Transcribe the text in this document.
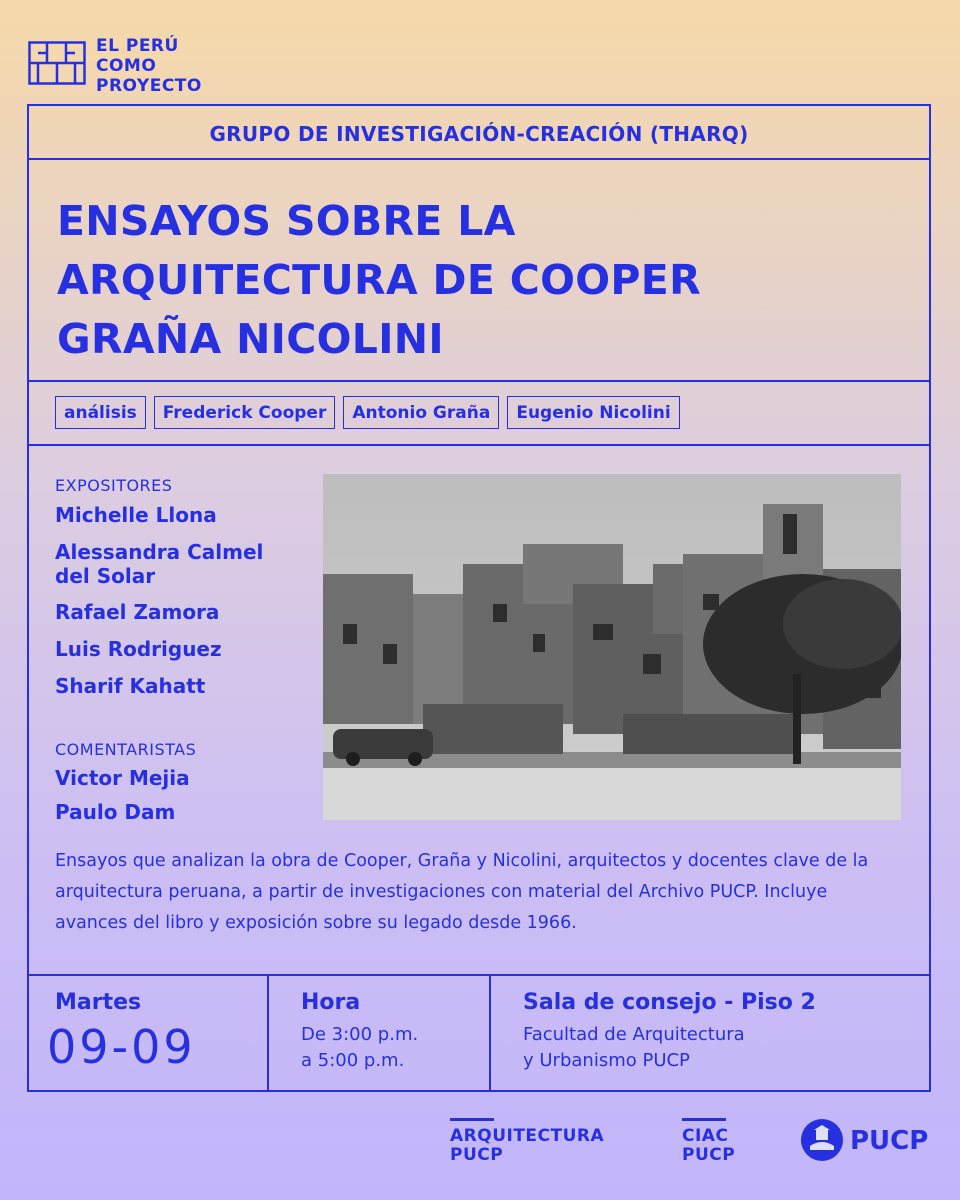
EL PERÚ
COMO
PROYECTO
GRUPO DE INVESTIGACIÓN-CREACIÓN (THARQ)
ENSAYOS SOBRE LA
ARQUITECTURA DE COOPER
GRAÑA NICOLINI
análisis	Frederick Cooper	Antonio Graña	Eugenio Nicolini
EXPOSITORES
Michelle Llona
Alessandra Calmel del Solar
Rafael Zamora
Luis Rodriguez
Sharif Kahatt
COMENTARISTAS
Victor Mejia
Paulo Dam
Ensayos que analizan la obra de Cooper, Graña y Nicolini, arquitectos y docentes clave de la arquitectura peruana, a partir de investigaciones con material del Archivo PUCP. Incluye avances del libro y exposición sobre su legado desde 1966.
Martes
09-09
Hora
De 3:00 p.m.
a 5:00 p.m.
Sala de consejo - Piso 2
Facultad de Arquitectura
y Urbanismo PUCP
ARQUITECTURA
PUCP
CIAC
PUCP	PUCP
